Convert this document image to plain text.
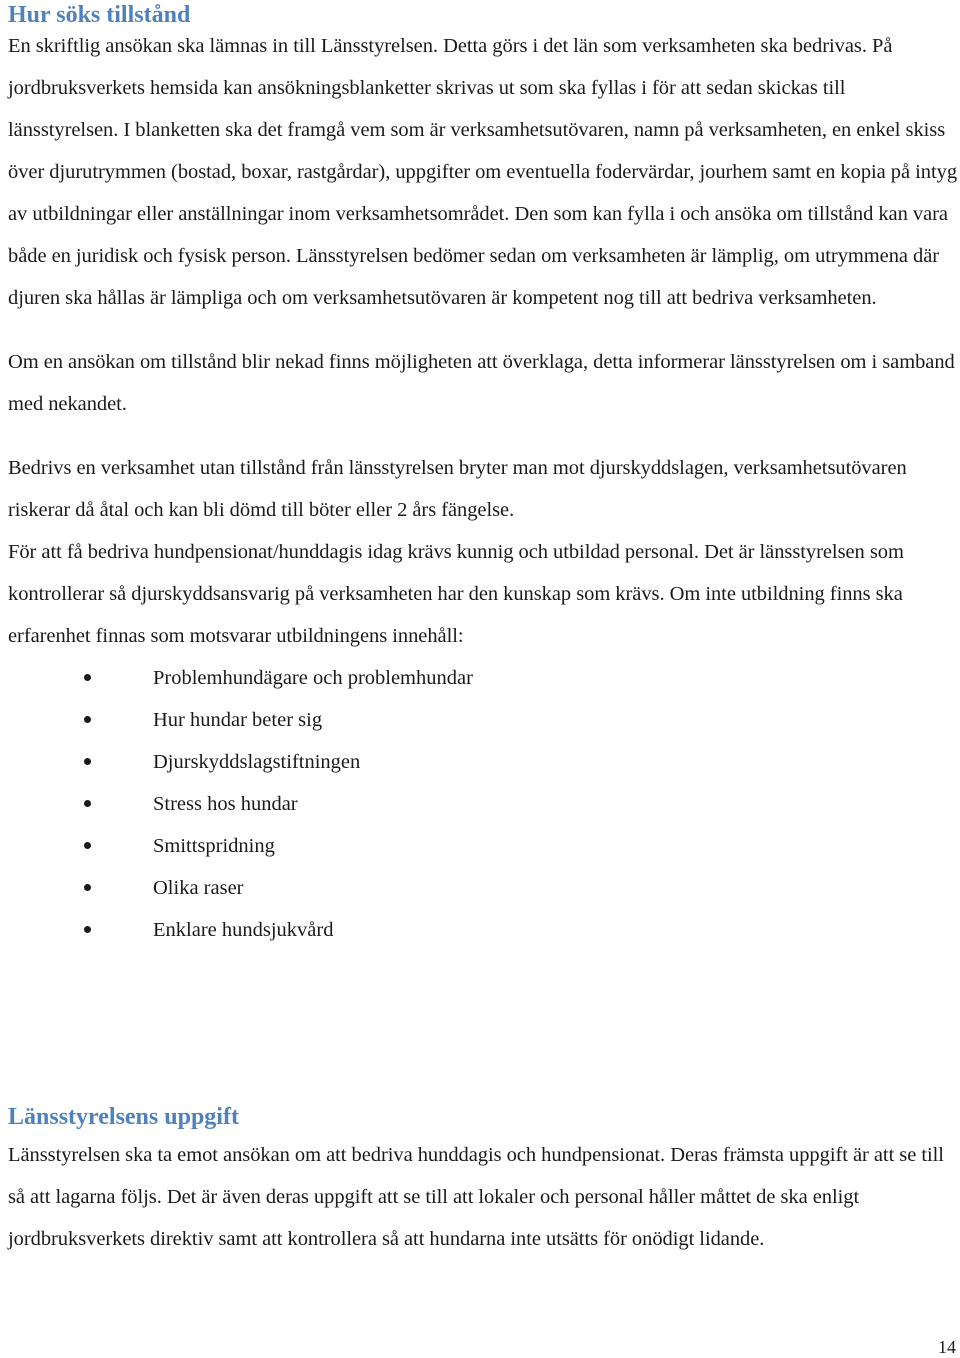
Hur söks tillstånd

En skriftlig ansökan ska lämnas in till Länsstyrelsen. Detta görs i det län som verksamheten ska bedrivas. På jordbruksverkets hemsida kan ansökningsblanketter skrivas ut som ska fyllas i för att sedan skickas till länsstyrelsen. I blanketten ska det framgå vem som är verksamhetsutövaren, namn på verksamheten, en enkel skiss över djurutrymmen (bostad, boxar, rastgårdar), uppgifter om eventuella fodervärdar, jourhem samt en kopia på intyg av utbildningar eller anställningar inom verksamhetsområdet. Den som kan fylla i och ansöka om tillstånd kan vara både en juridisk och fysisk person. Länsstyrelsen bedömer sedan om verksamheten är lämplig, om utrymmena där djuren ska hållas är lämpliga och om verksamhetsutövaren är kompetent nog till att bedriva verksamheten.

Om en ansökan om tillstånd blir nekad finns möjligheten att överklaga, detta informerar länsstyrelsen om i samband med nekandet.

Bedrivs en verksamhet utan tillstånd från länsstyrelsen bryter man mot djurskyddslagen, verksamhetsutövaren riskerar då åtal och kan bli dömd till böter eller 2 års fängelse.

För att få bedriva hundpensionat/hunddagis idag krävs kunnig och utbildad personal. Det är länsstyrelsen som kontrollerar så djurskyddsansvarig på verksamheten har den kunskap som krävs. Om inte utbildning finns ska erfarenhet finnas som motsvarar utbildningens innehåll:

Problemhundägare och problemhundar
Hur hundar beter sig
Djurskyddslagstiftningen
Stress hos hundar
Smittspridning
Olika raser
Enklare hundsjukvård
Länsstyrelsens uppgift

Länsstyrelsen ska ta emot ansökan om att bedriva hunddagis och hundpensionat. Deras främsta uppgift är att se till så att lagarna följs. Det är även deras uppgift att se till att lokaler och personal håller måttet de ska enligt jordbruksverkets direktiv samt att kontrollera så att hundarna inte utsätts för onödigt lidande.

14
